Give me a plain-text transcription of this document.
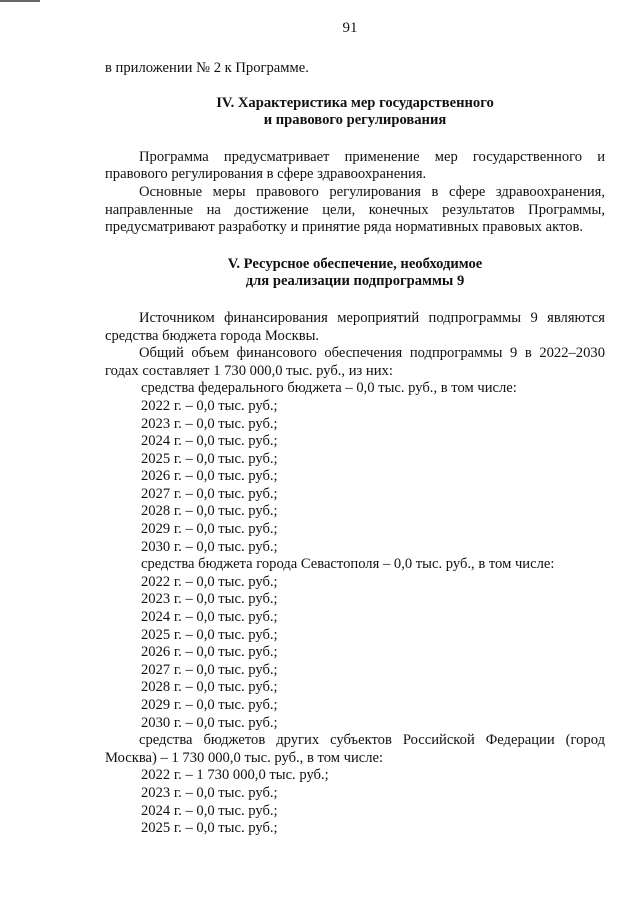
91

в приложении № 2 к Программе.

IV. Характеристика мер государственного
и правового регулирования

Программа предусматривает применение мер государственного и правового регулирования в сфере здравоохранения.

Основные меры правового регулирования в сфере здравоохранения, направленные на достижение цели, конечных результатов Программы, предусматривают разработку и принятие ряда нормативных правовых актов.

V. Ресурсное обеспечение, необходимое
для реализации подпрограммы 9

Источником финансирования мероприятий подпрограммы 9 являются средства бюджета города Москвы.

Общий объем финансового обеспечения подпрограммы 9 в 2022–2030 годах составляет 1 730 000,0 тыс. руб., из них:

средства федерального бюджета – 0,0 тыс. руб., в том числе:

2022 г. – 0,0 тыс. руб.;

2023 г. – 0,0 тыс. руб.;

2024 г. – 0,0 тыс. руб.;

2025 г. – 0,0 тыс. руб.;

2026 г. – 0,0 тыс. руб.;

2027 г. – 0,0 тыс. руб.;

2028 г. – 0,0 тыс. руб.;

2029 г. – 0,0 тыс. руб.;

2030 г. – 0,0 тыс. руб.;

средства бюджета города Севастополя – 0,0 тыс. руб., в том числе:

2022 г. – 0,0 тыс. руб.;

2023 г. – 0,0 тыс. руб.;

2024 г. – 0,0 тыс. руб.;

2025 г. – 0,0 тыс. руб.;

2026 г. – 0,0 тыс. руб.;

2027 г. – 0,0 тыс. руб.;

2028 г. – 0,0 тыс. руб.;

2029 г. – 0,0 тыс. руб.;

2030 г. – 0,0 тыс. руб.;

средства бюджетов других субъектов Российской Федерации (город Москва) – 1 730 000,0 тыс. руб., в том числе:

2022 г. – 1 730 000,0 тыс. руб.;

2023 г. – 0,0 тыс. руб.;

2024 г. – 0,0 тыс. руб.;

2025 г. – 0,0 тыс. руб.;
